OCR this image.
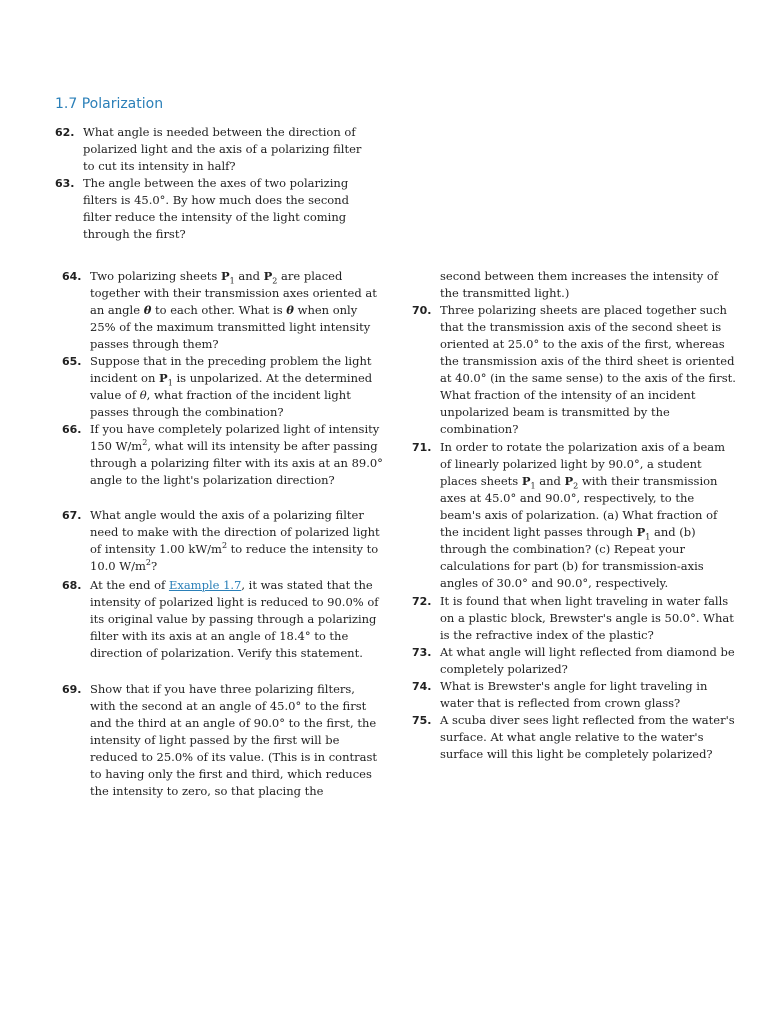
1.7 Polarization

62. What angle is needed between the direction of polarized light and the axis of a polarizing filter to cut its intensity in half?

63. The angle between the axes of two polarizing filters is 45.0°. By how much does the second filter reduce the intensity of the light coming through the first?

64. Two polarizing sheets $P_1$ and $P_2$ are placed together with their transmission axes oriented at an angle θ to each other. What is θ when only 25% of the maximum transmitted light intensity passes through them?

65. Suppose that in the preceding problem the light incident on $P_1$ is unpolarized. At the determined value of θ, what fraction of the incident light passes through the combination?

66. If you have completely polarized light of intensity 150 $W/m^2$, what will its intensity be after passing through a polarizing filter with its axis at an 89.0° angle to the light's polarization direction?

67. What angle would the axis of a polarizing filter need to make with the direction of polarized light of intensity 1.00 $kW/m^2$ to reduce the intensity to 10.0 $W/m^2$?

68. At the end of Example 1.7, it was stated that the intensity of polarized light is reduced to 90.0% of its original value by passing through a polarizing filter with its axis at an angle of 18.4° to the direction of polarization. Verify this statement.

69. Show that if you have three polarizing filters, with the second at an angle of 45.0° to the first and the third at an angle of 90.0° to the first, the intensity of light passed by the first will be reduced to 25.0% of its value. (This is in contrast to having only the first and third, which reduces the intensity to zero, so that placing the

second between them increases the intensity of the transmitted light.)

70. Three polarizing sheets are placed together such that the transmission axis of the second sheet is oriented at 25.0° to the axis of the first, whereas the transmission axis of the third sheet is oriented at 40.0° (in the same sense) to the axis of the first. What fraction of the intensity of an incident unpolarized beam is transmitted by the combination?

71. In order to rotate the polarization axis of a beam of linearly polarized light by 90.0°, a student places sheets $P_1$ and $P_2$ with their transmission axes at 45.0° and 90.0°, respectively, to the beam's axis of polarization. (a) What fraction of the incident light passes through $P_1$ and (b) through the combination? (c) Repeat your calculations for part (b) for transmission-axis angles of 30.0° and 90.0°, respectively.

72. It is found that when light traveling in water falls on a plastic block, Brewster's angle is 50.0°. What is the refractive index of the plastic?

73. At what angle will light reflected from diamond be completely polarized?

74. What is Brewster's angle for light traveling in water that is reflected from crown glass?

75. A scuba diver sees light reflected from the water's surface. At what angle relative to the water's surface will this light be completely polarized?
